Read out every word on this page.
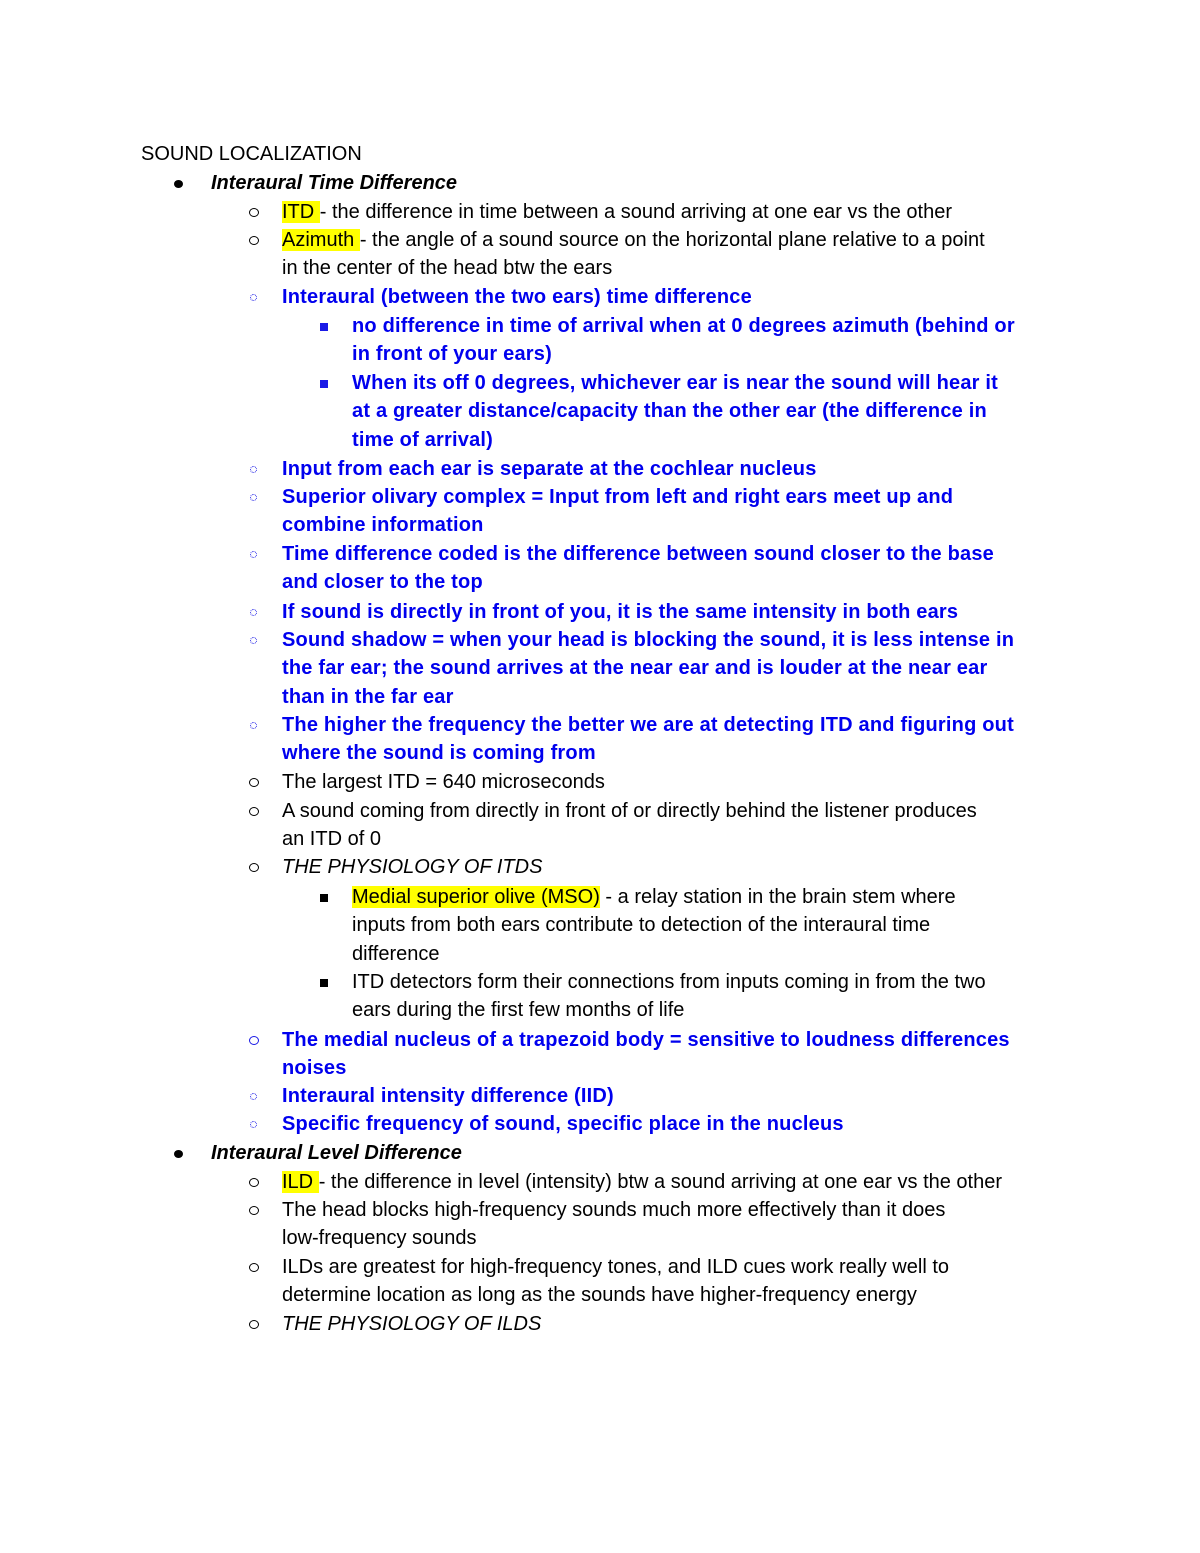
SOUND LOCALIZATION
Interaural Time Difference
ITD - the difference in time between a sound arriving at one ear vs the other
Azimuth - the angle of a sound source on the horizontal plane relative to a point
in the center of the head btw the ears
Interaural (between the two ears) time difference
no difference in time of arrival when at 0 degrees azimuth (behind or
in front of your ears)
When its off 0 degrees, whichever ear is near the sound will hear it
at a greater distance/capacity than the other ear (the difference in
time of arrival)
Input from each ear is separate at the cochlear nucleus
Superior olivary complex = Input from left and right ears meet up and
combine information
Time difference coded is the difference between sound closer to the base
and closer to the top
If sound is directly in front of you, it is the same intensity in both ears
Sound shadow = when your head is blocking the sound, it is less intense in
the far ear; the sound arrives at the near ear and is louder at the near ear
than in the far ear
The higher the frequency the better we are at detecting ITD and figuring out
where the sound is coming from
The largest ITD = 640 microseconds
A sound coming from directly in front of or directly behind the listener produces
an ITD of 0
THE PHYSIOLOGY OF ITDS
Medial superior olive (MSO) - a relay station in the brain stem where
inputs from both ears contribute to detection of the interaural time
difference
ITD detectors form their connections from inputs coming in from the two
ears during the first few months of life
The medial nucleus of a trapezoid body = sensitive to loudness differences
noises
Interaural intensity difference (IID)
Specific frequency of sound, specific place in the nucleus
Interaural Level Difference
ILD - the difference in level (intensity) btw a sound arriving at one ear vs the other
The head blocks high-frequency sounds much more effectively than it does
low-frequency sounds
ILDs are greatest for high-frequency tones, and ILD cues work really well to
determine location as long as the sounds have higher-frequency energy
THE PHYSIOLOGY OF ILDS
